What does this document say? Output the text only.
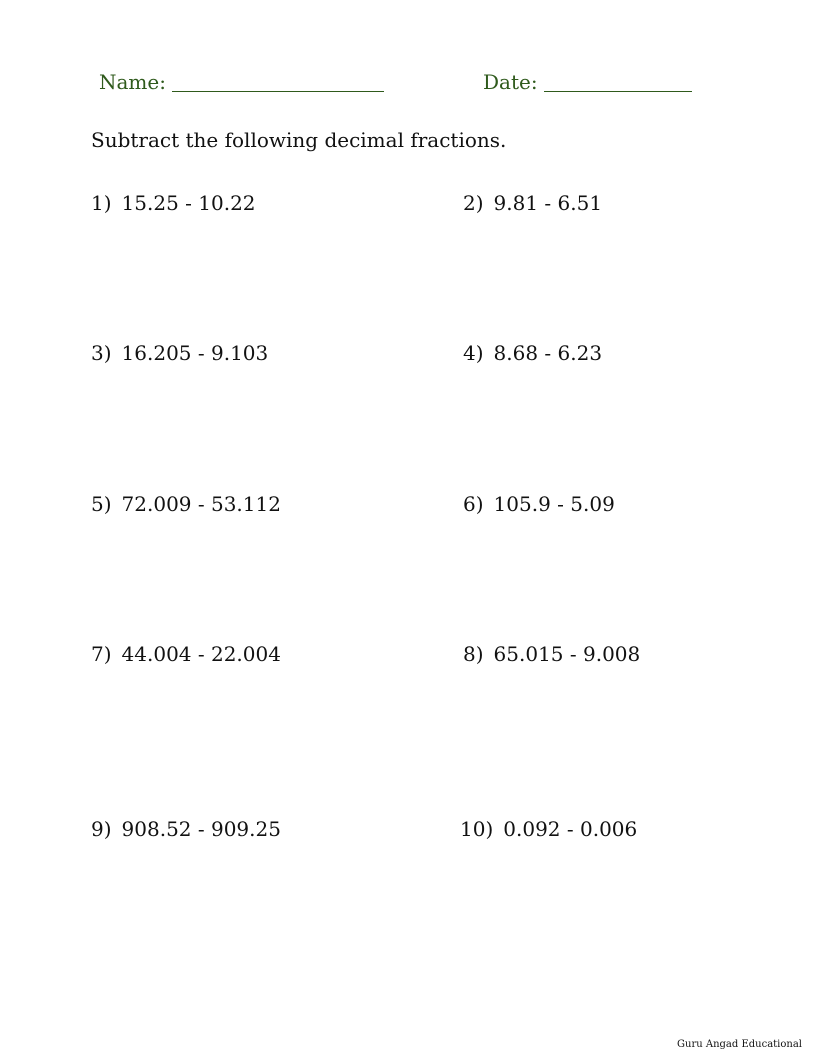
Name:	Date:
Subtract the following decimal fractions.
1) 15.25 - 10.22	2) 9.81 - 6.51
3) 16.205 - 9.103	4) 8.68 - 6.23
5) 72.009 - 53.112	6) 105.9 - 5.09
7) 44.004 - 22.004	8) 65.015 - 9.008
9) 908.52 - 909.25	10) 0.092 - 0.006
Guru Angad Educational
